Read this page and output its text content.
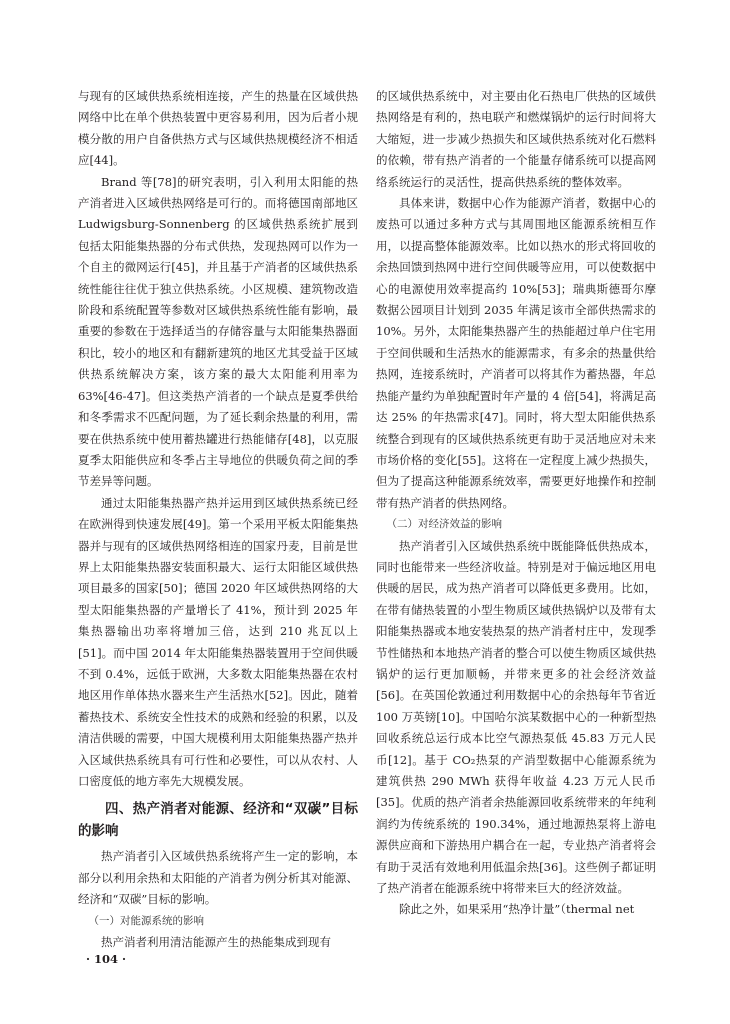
与现有的区域供热系统相连接，产生的热量在区域供热网络中比在单个供热装置中更容易利用，因为后者小规模分散的用户自备供热方式与区域供热规模经济不相适应[44]。

Brand 等[78]的研究表明，引入利用太阳能的热产消者进入区域供热网络是可行的。而将德国南部地区 Ludwigsburg-Sonnenberg 的区域供热系统扩展到包括太阳能集热器的分布式供热，发现热网可以作为一个自主的微网运行[45]，并且基于产消者的区域供热系统性能往往优于独立供热系统。小区规模、建筑物改造阶段和系统配置等参数对区域供热系统性能有影响，最重要的参数在于选择适当的存储容量与太阳能集热器面积比，较小的地区和有翻新建筑的地区尤其受益于区域供热系统解决方案，该方案的最大太阳能利用率为 63%[46-47]。但这类热产消者的一个缺点是夏季供给和冬季需求不匹配问题，为了延长剩余热量的利用，需要在供热系统中使用蓄热罐进行热能储存[48]，以克服夏季太阳能供应和冬季占主导地位的供暖负荷之间的季节差异等问题。

通过太阳能集热器产热并运用到区域供热系统已经在欧洲得到快速发展[49]。第一个采用平板太阳能集热器并与现有的区域供热网络相连的国家丹麦，目前是世界上太阳能集热器安装面积最大、运行太阳能区域供热项目最多的国家[50]；德国 2020 年区域供热网络的大型太阳能集热器的产量增长了 41%，预计到 2025 年集热器输出功率将增加三倍，达到 210 兆瓦以上[51]。而中国 2014 年太阳能集热器装置用于空间供暖不到 0.4%，远低于欧洲，大多数太阳能集热器在农村地区用作单体热水器来生产生活热水[52]。因此，随着蓄热技术、系统安全性技术的成熟和经验的积累，以及清洁供暖的需要，中国大规模利用太阳能集热器产热并入区域供热系统具有可行性和必要性，可以从农村、人口密度低的地方率先大规模发展。

四、热产消者对能源、经济和“双碳”目标的影响

热产消者引入区域供热系统将产生一定的影响，本部分以利用余热和太阳能的产消者为例分析其对能源、经济和“双碳”目标的影响。

（一）对能源系统的影响

热产消者利用清洁能源产生的热能集成到现有

的区域供热系统中，对主要由化石热电厂供热的区域供热网络是有利的，热电联产和燃煤锅炉的运行时间将大大缩短，进一步减少热损失和区域供热系统对化石燃料的依赖，带有热产消者的一个能量存储系统可以提高网络系统运行的灵活性，提高供热系统的整体效率。

具体来讲，数据中心作为能源产消者，数据中心的废热可以通过多种方式与其周围地区能源系统相互作用，以提高整体能源效率。比如以热水的形式将回收的余热回馈到热网中进行空间供暖等应用，可以使数据中心的电源使用效率提高约 10%[53]；瑞典斯德哥尔摩数据公园项目计划到 2035 年满足该市全部供热需求的 10%。另外，太阳能集热器产生的热能超过单户住宅用于空间供暖和生活热水的能源需求，有多余的热量供给热网，连接系统时，产消者可以将其作为蓄热器，年总热能产量约为单独配置时年产量的 4 倍[54]，将满足高达 25% 的年热需求[47]。同时，将大型太阳能供热系统整合到现有的区域供热系统更有助于灵活地应对未来市场价格的变化[55]。这将在一定程度上减少热损失，但为了提高这种能源系统效率，需要更好地操作和控制带有热产消者的供热网络。

（二）对经济效益的影响

热产消者引入区域供热系统中既能降低供热成本，同时也能带来一些经济收益。特别是对于偏远地区用电供暖的居民，成为热产消者可以降低更多费用。比如，在带有储热装置的小型生物质区域供热锅炉以及带有太阳能集热器或本地安装热泵的热产消者村庄中，发现季节性储热和本地热产消者的整合可以使生物质区域供热锅炉的运行更加顺畅，并带来更多的社会经济效益[56]。在英国伦敦通过利用数据中心的余热每年节省近 100 万英镑[10]。中国哈尔滨某数据中心的一种新型热回收系统总运行成本比空气源热泵低 45.83 万元人民币[12]。基于 CO₂热泵的产消型数据中心能源系统为建筑供热 290 MWh 获得年收益 4.23 万元人民币[35]。优质的热产消者余热能源回收系统带来的年纯利润约为传统系统的 190.34%，通过地源热泵将上游电源供应商和下游热用户耦合在一起，专业热产消者将会有助于灵活有效地利用低温余热[36]。这些例子都证明了热产消者在能源系统中将带来巨大的经济效益。

除此之外，如果采用“热净计量”（thermal net

· 104 ·
